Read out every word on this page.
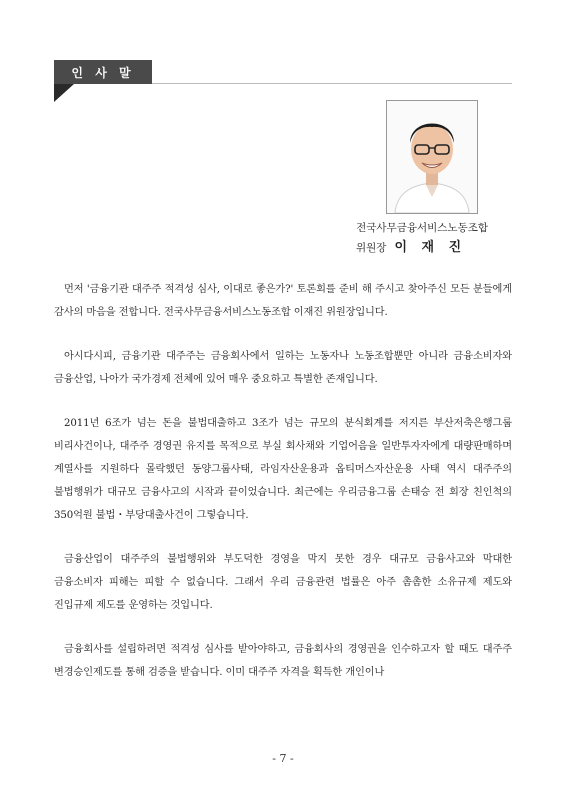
인 사 말
전국사무금융서비스노동조합
위원장 이 재 진

먼저 '금융기관 대주주 적격성 심사, 이대로 좋은가?' 토론회를 준비 해 주시고 찾아주신 모든 분들에게 감사의 마음을 전합니다. 전국사무금융서비스노동조합 이재진 위원장입니다.

아시다시피, 금융기관 대주주는 금융회사에서 일하는 노동자나 노동조합뿐만 아니라 금융소비자와 금융산업, 나아가 국가경제 전체에 있어 매우 중요하고 특별한 존재입니다.

2011년 6조가 넘는 돈을 불법대출하고 3조가 넘는 규모의 분식회계를 저지른 부산저축은행그룹 비리사건이나, 대주주 경영권 유지를 목적으로 부실 회사채와 기업어음을 일반투자자에게 대량판매하며 계열사를 지원하다 몰락했던 동양그룹사태, 라임자산운용과 옵티머스자산운용 사태 역시 대주주의 불법행위가 대규모 금융사고의 시작과 끝이었습니다. 최근에는 우리금융그룹 손태승 전 회장 친인척의 350억원 불법・부당대출사건이 그렇습니다.

금융산업이 대주주의 불법행위와 부도덕한 경영을 막지 못한 경우 대규모 금융사고와 막대한 금융소비자 피해는 피할 수 없습니다. 그래서 우리 금융관련 법률은 아주 촘촘한 소유규제 제도와 진입규제 제도를 운영하는 것입니다.

금융회사를 설립하려면 적격성 심사를 받아야하고, 금융회사의 경영권을 인수하고자 할 때도 대주주 변경승인제도를 통해 검증을 받습니다. 이미 대주주 자격을 획득한 개인이나

- 7 -
